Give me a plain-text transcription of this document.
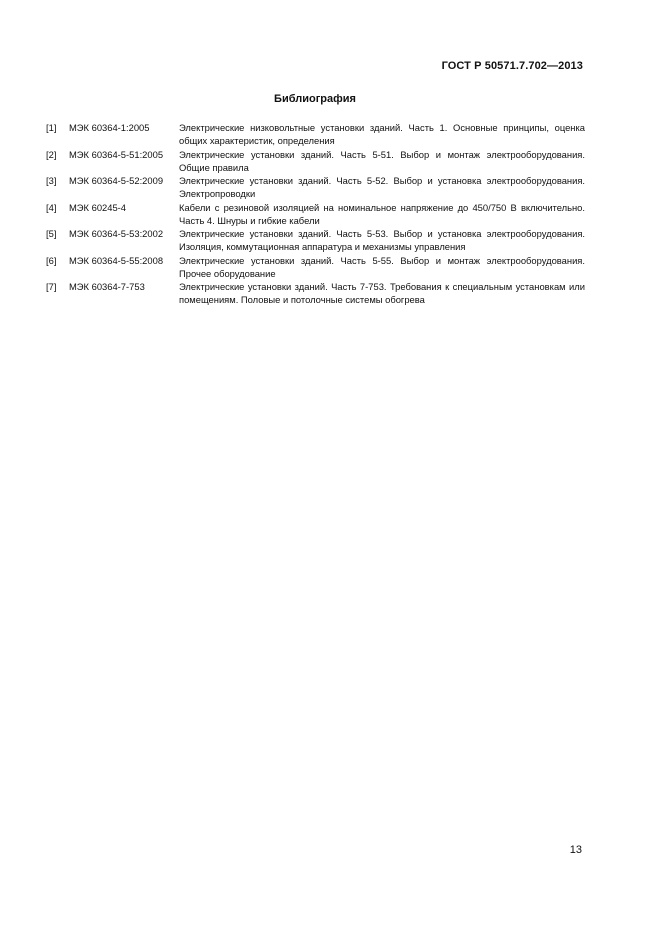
ГОСТ Р 50571.7.702—2013
Библиография
[1]	МЭК 60364-1:2005	Электрические низковольтные установки зданий. Часть 1. Основные принципы, оценка общих характеристик, определения
[2]	МЭК 60364-5-51:2005	Электрические установки зданий. Часть 5-51. Выбор и монтаж электрооборудования. Общие правила
[3]	МЭК 60364-5-52:2009	Электрические установки зданий. Часть 5-52. Выбор и установка электрооборудования. Электропроводки
[4]	МЭК 60245-4	Кабели с резиновой изоляцией на номинальное напряжение до 450/750 В включительно. Часть 4. Шнуры и гибкие кабели
[5]	МЭК 60364-5-53:2002	Электрические установки зданий. Часть 5-53. Выбор и установка электрооборудования. Изоляция, коммутационная аппаратура и механизмы управления
[6]	МЭК 60364-5-55:2008	Электрические установки зданий. Часть 5-55. Выбор и монтаж электрооборудования. Прочее оборудование
[7]	МЭК 60364-7-753	Электрические установки зданий. Часть 7-753. Требования к специальным установкам или помещениям. Половые и потолочные системы обогрева
13
